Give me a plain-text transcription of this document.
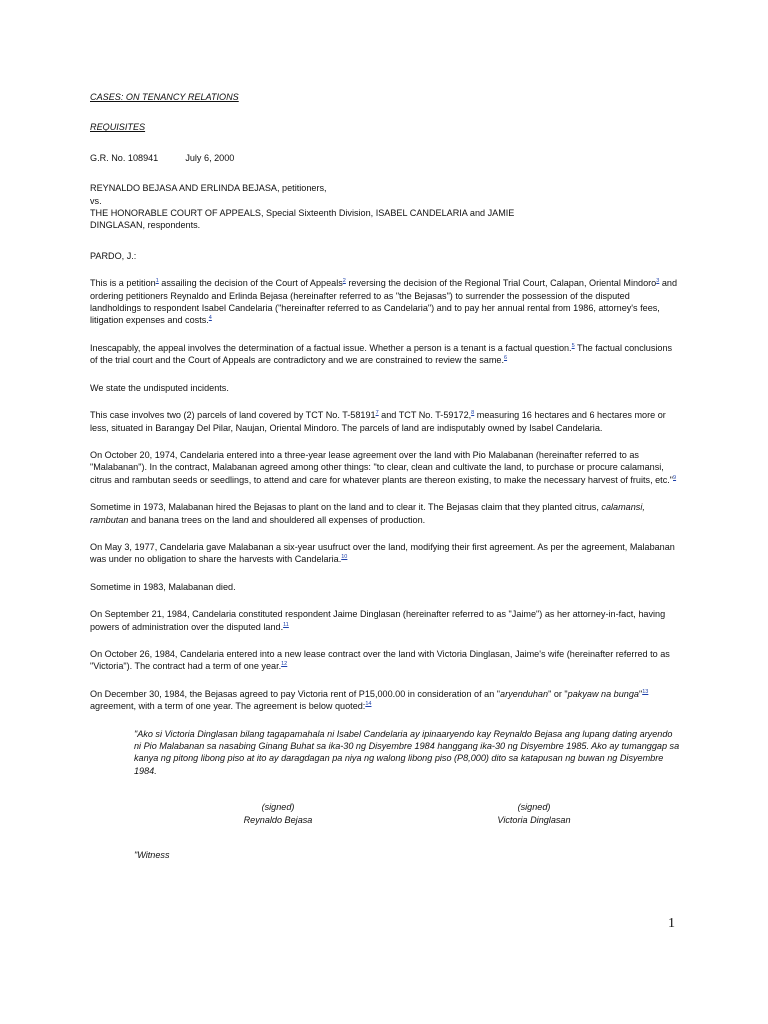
CASES: ON TENANCY RELATIONS

REQUISITES

G.R. No. 108941	July 6, 2000

REYNALDO BEJASA AND ERLINDA BEJASA, petitioners,

vs.

THE HONORABLE COURT OF APPEALS, Special Sixteenth Division, ISABEL CANDELARIA and JAMIE

DINGLASAN, respondents.

PARDO, J.:

This is a petition$^1$ assailing the decision of the Court of Appeals$^2$ reversing the decision of the Regional Trial Court, Calapan, Oriental Mindoro$^3$ and ordering petitioners Reynaldo and Erlinda Bejasa (hereinafter referred to as "the Bejasas") to surrender the possession of the disputed landholdings to respondent Isabel Candelaria ("hereinafter referred to as Candelaria") and to pay her annual rental from 1986, attorney's fees, litigation expenses and costs.$^4$

Inescapably, the appeal involves the determination of a factual issue. Whether a person is a tenant is a factual question.$^5$ The factual conclusions of the trial court and the Court of Appeals are contradictory and we are constrained to review the same.$^6$

We state the undisputed incidents.

This case involves two (2) parcels of land covered by TCT No. T-58191$^7$ and TCT No. T-59172,$^8$ measuring 16 hectares and 6 hectares more or less, situated in Barangay Del Pilar, Naujan, Oriental Mindoro. The parcels of land are indisputably owned by Isabel Candelaria.

On October 20, 1974, Candelaria entered into a three-year lease agreement over the land with Pio Malabanan (hereinafter referred to as "Malabanan"). In the contract, Malabanan agreed among other things: "to clear, clean and cultivate the land, to purchase or procure calamansi, citrus and rambutan seeds or seedlings, to attend and care for whatever plants are thereon existing, to make the necessary harvest of fruits, etc."$^9$

Sometime in 1973, Malabanan hired the Bejasas to plant on the land and to clear it. The Bejasas claim that they planted citrus, calamansi, rambutan and banana trees on the land and shouldered all expenses of production.

On May 3, 1977, Candelaria gave Malabanan a six-year usufruct over the land, modifying their first agreement. As per the agreement, Malabanan was under no obligation to share the harvests with Candelaria.$^{10}$

Sometime in 1983, Malabanan died.

On September 21, 1984, Candelaria constituted respondent Jaime Dinglasan (hereinafter referred to as "Jaime") as her attorney-in-fact, having powers of administration over the disputed land.$^{11}$

On October 26, 1984, Candelaria entered into a new lease contract over the land with Victoria Dinglasan, Jaime's wife (hereinafter referred to as "Victoria"). The contract had a term of one year.$^{12}$

On December 30, 1984, the Bejasas agreed to pay Victoria rent of P15,000.00 in consideration of an "aryenduhan" or "pakyaw na bunga"$^{13}$ agreement, with a term of one year. The agreement is below quoted:$^{14}$

"Ako si Victoria Dinglasan bilang tagapamahala ni Isabel Candelaria ay ipinaaryendo kay Reynaldo Bejasa ang lupang dating aryendo ni Pio Malabanan sa nasabing Ginang Buhat sa ika-30 ng Disyembre 1984 hanggang ika-30 ng Disyembre 1985. Ako ay tumanggap sa kanya ng pitong libong piso at ito ay daragdagan pa niya ng walong libong piso (P8,000) dito sa katapusan ng buwan ng Disyembre 1984.

(signed)
Reynaldo Bejasa
(signed)
Victoria Dinglasan

"Witness

1
